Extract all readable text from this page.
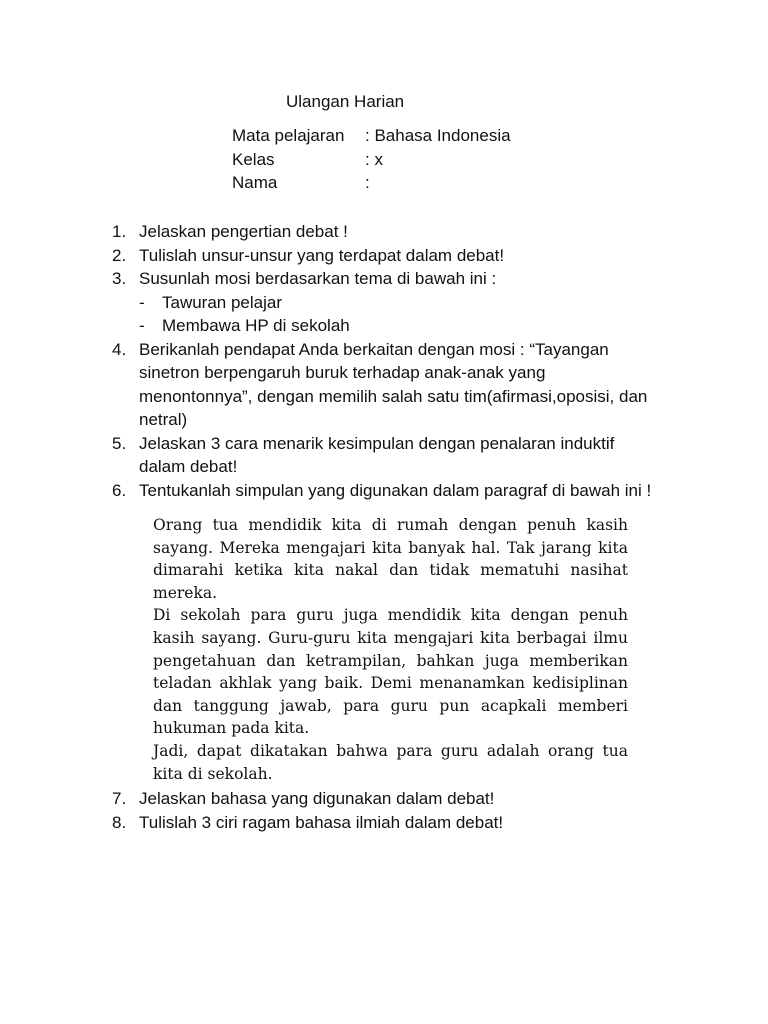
Ulangan Harian
Mata pelajaran	: Bahasa Indonesia
Kelas	: x
Nama	:
1. Jelaskan pengertian debat !
2. Tulislah unsur-unsur yang terdapat dalam debat!
3. Susunlah mosi berdasarkan tema di bawah ini :
-	Tawuran pelajar
-	Membawa HP di sekolah
4. Berikanlah pendapat Anda berkaitan dengan mosi : “Tayangan sinetron berpengaruh buruk terhadap anak-anak yang menontonnya”, dengan memilih salah satu tim(afirmasi,oposisi, dan netral)
5. Jelaskan 3 cara menarik kesimpulan dengan penalaran induktif dalam debat!
6. Tentukanlah simpulan yang digunakan dalam paragraf di bawah ini !

Orang tua mendidik kita di rumah dengan penuh kasih sayang. Mereka mengajari kita banyak hal. Tak jarang kita dimarahi ketika kita nakal dan tidak mematuhi nasihat mereka.

Di sekolah para guru juga mendidik kita dengan penuh kasih sayang. Guru-guru kita mengajari kita berbagai ilmu pengetahuan dan ketrampilan, bahkan juga memberikan teladan akhlak yang baik. Demi menanamkan kedisiplinan dan tanggung jawab, para guru pun acapkali memberi hukuman pada kita.

Jadi, dapat dikatakan bahwa para guru adalah orang tua kita di sekolah.

7. Jelaskan bahasa yang digunakan dalam debat!
8. Tulislah 3 ciri ragam bahasa ilmiah dalam debat!
